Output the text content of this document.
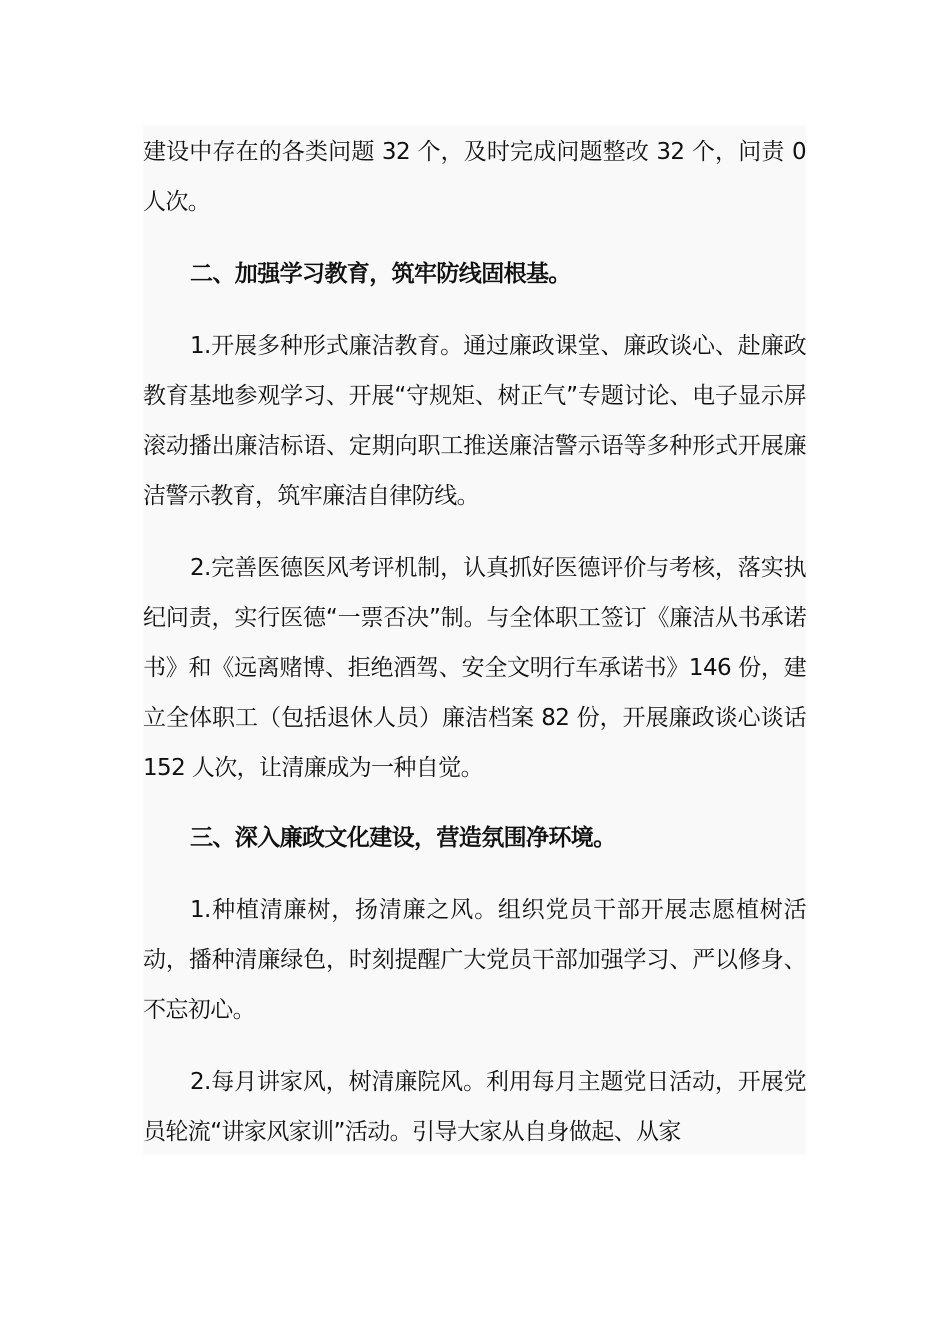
建设中存在的各类问题 32 个，及时完成问题整改 32 个，问责 0 人次。

二、加强学习教育，筑牢防线固根基。

1.开展多种形式廉洁教育。通过廉政课堂、廉政谈心、赴廉政教育基地参观学习、开展“守规矩、树正气”专题讨论、电子显示屏滚动播出廉洁标语、定期向职工推送廉洁警示语等多种形式开展廉洁警示教育，筑牢廉洁自律防线。

2.完善医德医风考评机制，认真抓好医德评价与考核，落实执纪问责，实行医德“一票否决”制。与全体职工签订《廉洁从书承诺书》和《远离赌博、拒绝酒驾、安全文明行车承诺书》146 份，建立全体职工（包括退休人员）廉洁档案 82 份，开展廉政谈心谈话 152 人次，让清廉成为一种自觉。

三、深入廉政文化建设，营造氛围净环境。

1.种植清廉树，扬清廉之风。组织党员干部开展志愿植树活动，播种清廉绿色，时刻提醒广大党员干部加强学习、严以修身、不忘初心。

2.每月讲家风，树清廉院风。利用每月主题党日活动，开展党员轮流“讲家风家训”活动。引导大家从自身做起、从家
